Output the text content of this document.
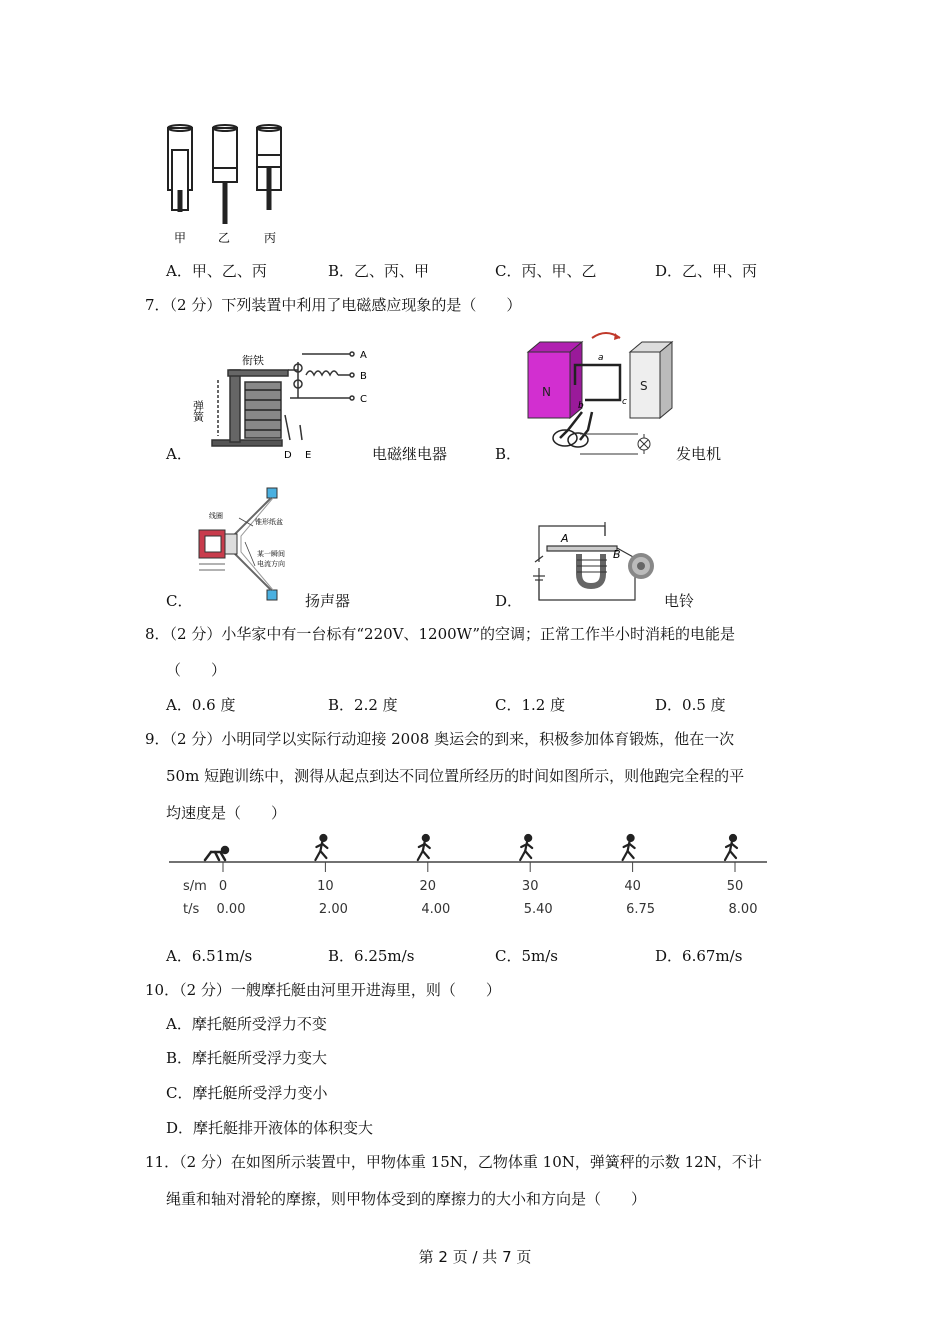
甲	乙	丙
A．甲、乙、丙	B．乙、丙、甲	C．丙、甲、乙	D．乙、甲、丙
7．（2 分）下列装置中利用了电磁感应现象的是（　　）
衔铁
弹簧
A
B
C
D E
A．	电磁继电器
N	S
a
b	c
B．	发电机
线圈
锥形纸盆
某一瞬间
电流方向
C．	扬声器
A
B
D．	电铃
8．（2 分）小华家中有一台标有“220V、1200W”的空调；正常工作半小时消耗的电能是
（　　）
A．0.6 度	B．2.2 度	C．1.2 度	D．0.5 度
9．（2 分）小明同学以实际行动迎接 2008 奥运会的到来，积极参加体育锻炼，他在一次
50m 短跑训练中，测得从起点到达不同位置所经历的时间如图所示，则他跑完全程的平
均速度是（　　）
s/m
t/s
0	10	20	30	40	50
0.00	2.00	4.00	5.40	6.75	8.00
A．6.51m/s	B．6.25m/s	C．5m/s	D．6.67m/s
10．（2 分）一艘摩托艇由河里开进海里，则（　　）
A．摩托艇所受浮力不变
B．摩托艇所受浮力变大
C．摩托艇所受浮力变小
D．摩托艇排开液体的体积变大
11．（2 分）在如图所示装置中，甲物体重 15N，乙物体重 10N，弹簧秤的示数 12N，不计
绳重和轴对滑轮的摩擦，则甲物体受到的摩擦力的大小和方向是（　　）
第 2 页 / 共 7 页
